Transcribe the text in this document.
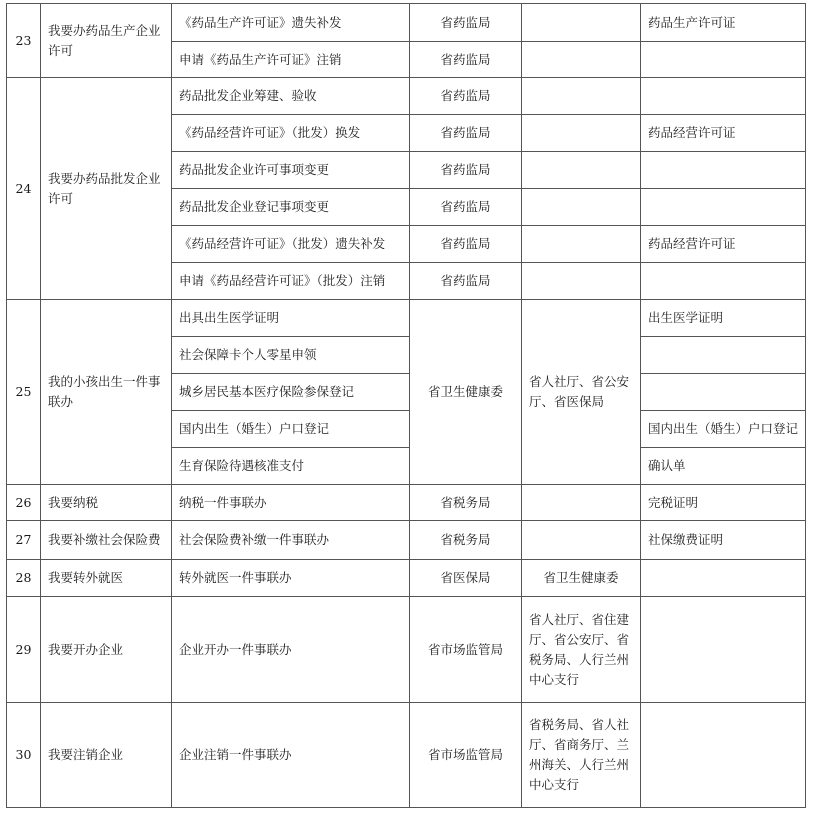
23	我要办药品生产企业许可	《药品生产许可证》遗失补发	省药监局		药品生产许可证
		申请《药品生产许可证》注销	省药监局		
24	我要办药品批发企业许可	药品批发企业筹建、验收	省药监局		
		《药品经营许可证》（批发）换发	省药监局		药品经营许可证
		药品批发企业许可事项变更	省药监局		
		药品批发企业登记事项变更	省药监局		
		《药品经营许可证》（批发）遗失补发	省药监局		药品经营许可证
		申请《药品经营许可证》（批发）注销	省药监局		
25	我的小孩出生一件事联办	出具出生医学证明	省卫生健康委	省人社厅、省公安厅、省医保局	出生医学证明
		社会保障卡个人零星申领			
		城乡居民基本医疗保险参保登记			
		国内出生（婚生）户口登记			国内出生（婚生）户口登记
		生育保险待遇核准支付			确认单
26	我要纳税	纳税一件事联办	省税务局		完税证明
27	我要补缴社会保险费	社会保险费补缴一件事联办	省税务局		社保缴费证明
28	我要转外就医	转外就医一件事联办	省医保局	省卫生健康委	
29	我要开办企业	企业开办一件事联办	省市场监管局	省人社厅、省住建厅、省公安厅、省税务局、人行兰州中心支行	
30	我要注销企业	企业注销一件事联办	省市场监管局	省税务局、省人社厅、省商务厅、兰州海关、人行兰州中心支行	
